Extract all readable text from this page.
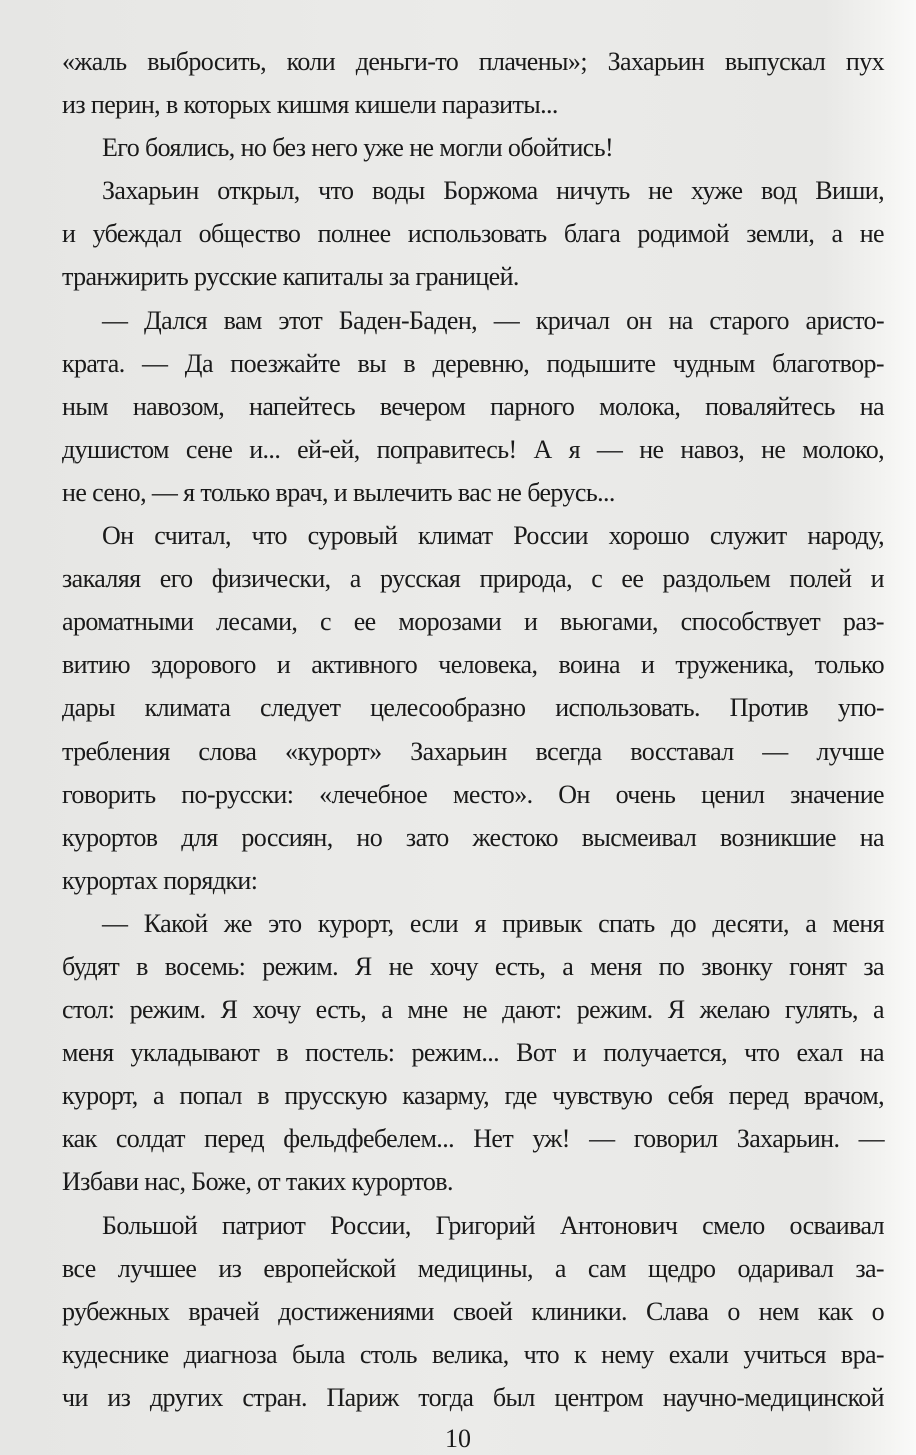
«жаль выбросить, коли деньги-то плачены»; Захарьин выпускал пух
из перин, в которых кишмя кишели паразиты...
Его боялись, но без него уже не могли обойтись!
Захарьин открыл, что воды Боржома ничуть не хуже вод Виши,
и убеждал общество полнее использовать блага родимой земли, а не
транжирить русские капиталы за границей.
— Дался вам этот Баден-Баден, — кричал он на старого аристо-
крата. — Да поезжайте вы в деревню, подышите чудным благотвор-
ным навозом, напейтесь вечером парного молока, поваляйтесь на
душистом сене и... ей-ей, поправитесь! А я — не навоз, не молоко,
не сено, — я только врач, и вылечить вас не берусь...
Он считал, что суровый климат России хорошо служит народу,
закаляя его физически, а русская природа, с ее раздольем полей и
ароматными лесами, с ее морозами и вьюгами, способствует раз-
витию здорового и активного человека, воина и труженика, только
дары климата следует целесообразно использовать. Против упо-
требления слова «курорт» Захарьин всегда восставал — лучше
говорить по-русски: «лечебное место». Он очень ценил значение
курортов для россиян, но зато жестоко высмеивал возникшие на
курортах порядки:
— Какой же это курорт, если я привык спать до десяти, а меня
будят в восемь: режим. Я не хочу есть, а меня по звонку гонят за
стол: режим. Я хочу есть, а мне не дают: режим. Я желаю гулять, а
меня укладывают в постель: режим... Вот и получается, что ехал на
курорт, а попал в прусскую казарму, где чувствую себя перед врачом,
как солдат перед фельдфебелем... Нет уж! — говорил Захарьин. —
Избави нас, Боже, от таких курортов.
Большой патриот России, Григорий Антонович смело осваивал
все лучшее из европейской медицины, а сам щедро одаривал за-
рубежных врачей достижениями своей клиники. Слава о нем как о
кудеснике диагноза была столь велика, что к нему ехали учиться вра-
чи из других стран. Париж тогда был центром научно-медицинской
10
